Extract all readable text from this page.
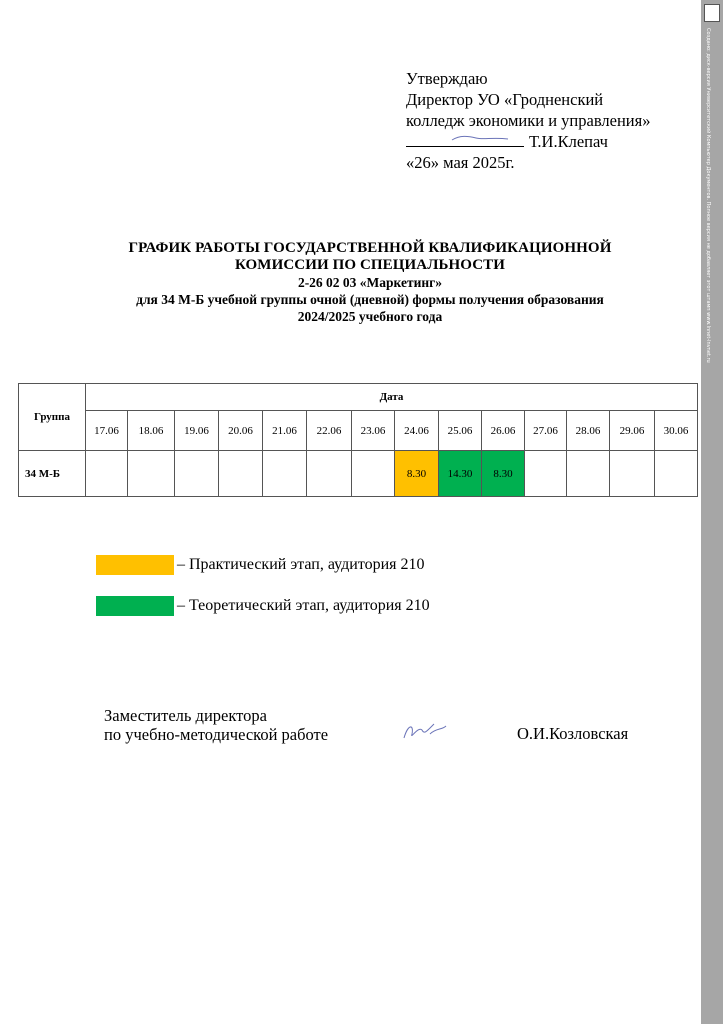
Утверждаю
Директор УО «Гродненский
колледж экономики и управления»
Т.И.Клепач
«26» мая 2025г.
ГРАФИК РАБОТЫ ГОСУДАРСТВЕННОЙ КВАЛИФИКАЦИОННОЙ
КОМИССИИ ПО СПЕЦИАЛЬНОСТИ
2-26 02 03 «Маркетинг»
для 34 М-Б учебной группы очной (дневной) формы получения образования
2024/2025 учебного года
Группа	Дата													
	17.06	18.06	19.06	20.06	21.06	22.06	23.06	24.06	25.06	26.06	27.06	28.06	29.06	30.06
34 М-Б								8.30	14.30	8.30				
– Практический этап, аудитория 210
– Теоретический этап, аудитория 210
Заместитель директора
по учебно-методической работе	О.И.Козловская
Создано: диск-версия Университетский Компьютер Документов. Полное версия не добавляет этот штамп www.lnnet-lnvnet.ru
